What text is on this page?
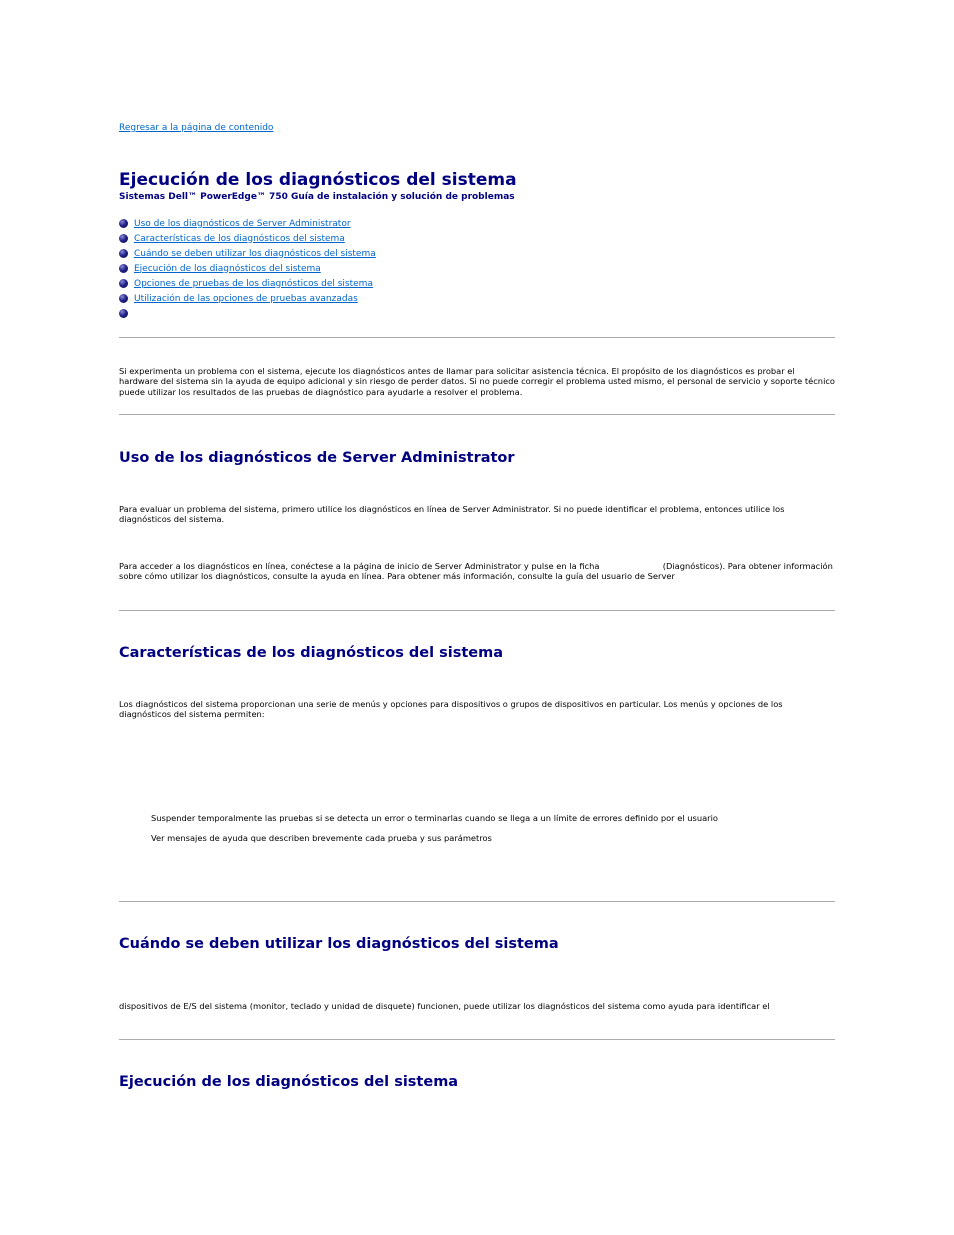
Regresar a la página de contenido
Ejecución de los diagnósticos del sistema
Sistemas Dell™ PowerEdge™ 750 Guía de instalación y solución de problemas
Uso de los diagnósticos de Server Administrator
Características de los diagnósticos del sistema
Cuándo se deben utilizar los diagnósticos del sistema
Ejecución de los diagnósticos del sistema
Opciones de pruebas de los diagnósticos del sistema
Utilización de las opciones de pruebas avanzadas

Si experimenta un problema con el sistema, ejecute los diagnósticos antes de llamar para solicitar asistencia técnica. El propósito de los diagnósticos es probar el hardware del sistema sin la ayuda de equipo adicional y sin riesgo de perder datos. Si no puede corregir el problema usted mismo, el personal de servicio y soporte técnico puede utilizar los resultados de las pruebas de diagnóstico para ayudarle a resolver el problema.

Uso de los diagnósticos de Server Administrator

Para evaluar un problema del sistema, primero utilice los diagnósticos en línea de Server Administrator. Si no puede identificar el problema, entonces utilice los diagnósticos del sistema.

Para acceder a los diagnósticos en línea, conéctese a la página de inicio de Server Administrator y pulse en la ficha	(Diagnósticos). Para obtener información sobre cómo utilizar los diagnósticos, consulte la ayuda en línea. Para obtener más información, consulte la guía del usuario de Server

Características de los diagnósticos del sistema

Los diagnósticos del sistema proporcionan una serie de menús y opciones para dispositivos o grupos de dispositivos en particular. Los menús y opciones de los diagnósticos del sistema permiten:

Suspender temporalmente las pruebas si se detecta un error o terminarlas cuando se llega a un límite de errores definido por el usuario

Ver mensajes de ayuda que describen brevemente cada prueba y sus parámetros

Cuándo se deben utilizar los diagnósticos del sistema

dispositivos de E/S del sistema (monitor, teclado y unidad de disquete) funcionen, puede utilizar los diagnósticos del sistema como ayuda para identificar el

Ejecución de los diagnósticos del sistema
